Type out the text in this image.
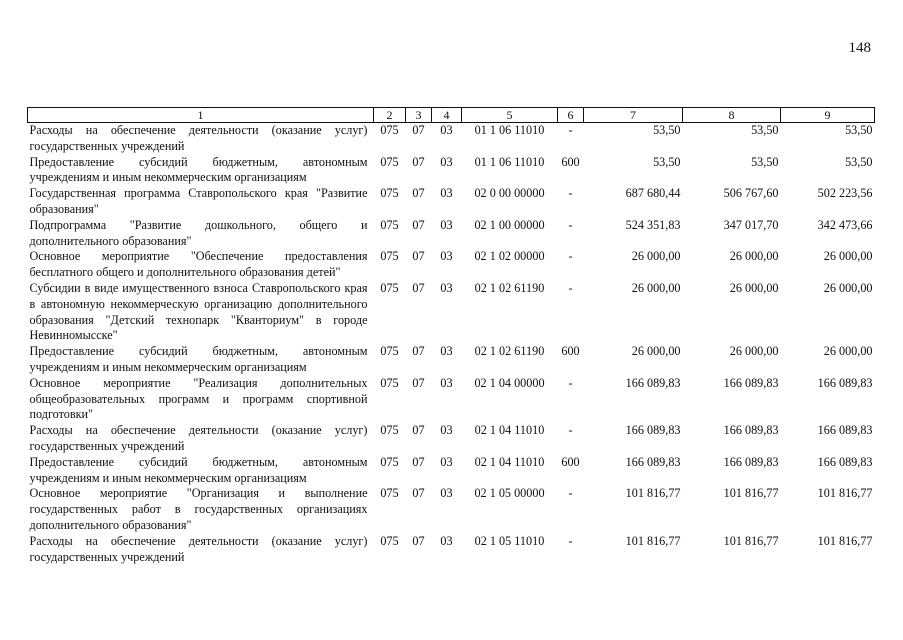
148
1	2	3	4	5	6	7	8	9
Расходы на обеспечение деятельности (оказание услуг) государственных учреждений	075	07	03	01 1 06 11010	-	53,50	53,50	53,50
Предоставление субсидий бюджетным, автономным учреждениям и иным некоммерческим организациям	075	07	03	01 1 06 11010	600	53,50	53,50	53,50
Государственная программа Ставропольского края "Развитие образования"	075	07	03	02 0 00 00000	-	687 680,44	506 767,60	502 223,56
Подпрограмма "Развитие дошкольного, общего и дополнительного образования"	075	07	03	02 1 00 00000	-	524 351,83	347 017,70	342 473,66
Основное мероприятие "Обеспечение предоставления бесплатного общего и дополнительного образования детей"	075	07	03	02 1 02 00000	-	26 000,00	26 000,00	26 000,00
Субсидии в виде имущественного взноса Ставропольского края в автономную некоммерческую организацию дополнительного образования "Детский технопарк "Кванториум" в городе Невинномысске"	075	07	03	02 1 02 61190	-	26 000,00	26 000,00	26 000,00
Предоставление субсидий бюджетным, автономным учреждениям и иным некоммерческим организациям	075	07	03	02 1 02 61190	600	26 000,00	26 000,00	26 000,00
Основное мероприятие "Реализация дополнительных общеобразовательных программ и программ спортивной подготовки"	075	07	03	02 1 04 00000	-	166 089,83	166 089,83	166 089,83
Расходы на обеспечение деятельности (оказание услуг) государственных учреждений	075	07	03	02 1 04 11010	-	166 089,83	166 089,83	166 089,83
Предоставление субсидий бюджетным, автономным учреждениям и иным некоммерческим организациям	075	07	03	02 1 04 11010	600	166 089,83	166 089,83	166 089,83
Основное мероприятие "Организация и выполнение государственных работ в государственных организациях дополнительного образования"	075	07	03	02 1 05 00000	-	101 816,77	101 816,77	101 816,77
Расходы на обеспечение деятельности (оказание услуг) государственных учреждений	075	07	03	02 1 05 11010	-	101 816,77	101 816,77	101 816,77
